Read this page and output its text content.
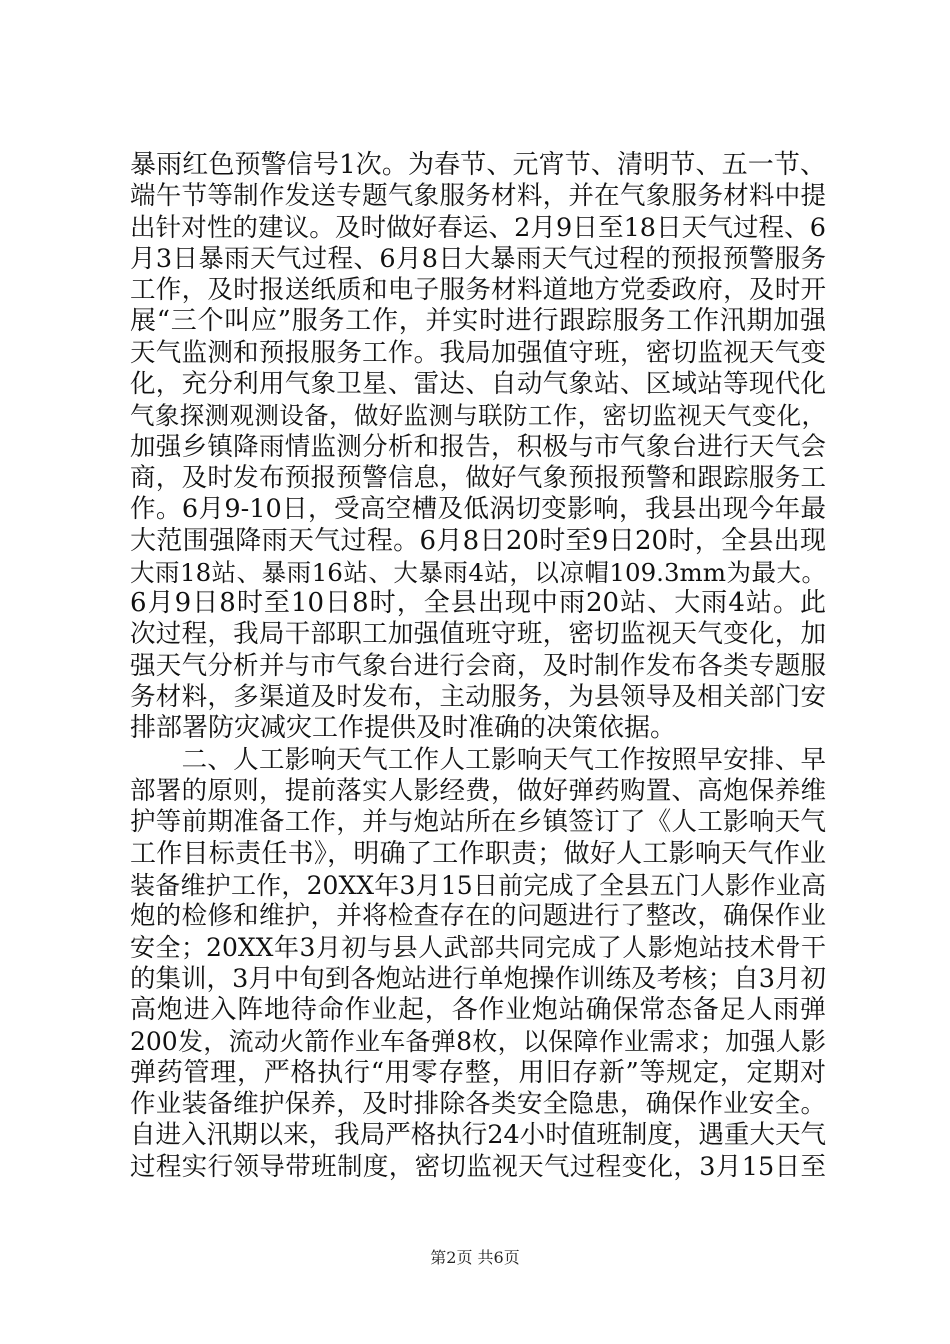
暴雨红色预警信号1次。为春节、元宵节、清明节、五一节、
端午节等制作发送专题气象服务材料，并在气象服务材料中提
出针对性的建议。及时做好春运、2月9日至18日天气过程、6
月3日暴雨天气过程、6月8日大暴雨天气过程的预报预警服务
工作，及时报送纸质和电子服务材料道地方党委政府，及时开
展“三个叫应”服务工作，并实时进行跟踪服务工作汛期加强
天气监测和预报服务工作。我局加强值守班，密切监视天气变
化，充分利用气象卫星、雷达、自动气象站、区域站等现代化
气象探测观测设备，做好监测与联防工作，密切监视天气变化，
加强乡镇降雨情监测分析和报告，积极与市气象台进行天气会
商，及时发布预报预警信息，做好气象预报预警和跟踪服务工
作。6月9-10日，受高空槽及低涡切变影响，我县出现今年最
大范围强降雨天气过程。6月8日20时至9日20时，全县出现
大雨18站、暴雨16站、大暴雨4站，以凉帽109.3mm为最大。
6月9日8时至10日8时，全县出现中雨20站、大雨4站。此
次过程，我局干部职工加强值班守班，密切监视天气变化，加
强天气分析并与市气象台进行会商，及时制作发布各类专题服
务材料，多渠道及时发布，主动服务，为县领导及相关部门安
排部署防灾减灾工作提供及时准确的决策依据。
　　二、人工影响天气工作人工影响天气工作按照早安排、早
部署的原则，提前落实人影经费，做好弹药购置、高炮保养维
护等前期准备工作，并与炮站所在乡镇签订了《人工影响天气
工作目标责任书》，明确了工作职责；做好人工影响天气作业
装备维护工作，20XX年3月15日前完成了全县五门人影作业高
炮的检修和维护，并将检查存在的问题进行了整改，确保作业
安全；20XX年3月初与县人武部共同完成了人影炮站技术骨干
的集训，3月中旬到各炮站进行单炮操作训练及考核；自3月初
高炮进入阵地待命作业起，各作业炮站确保常态备足人雨弹
200发，流动火箭作业车备弹8枚，以保障作业需求；加强人影
弹药管理，严格执行“用零存整，用旧存新”等规定，定期对
作业装备维护保养，及时排除各类安全隐患，确保作业安全。
自进入汛期以来，我局严格执行24小时值班制度，遇重大天气
过程实行领导带班制度，密切监视天气过程变化，3月15日至
第2页 共6页
